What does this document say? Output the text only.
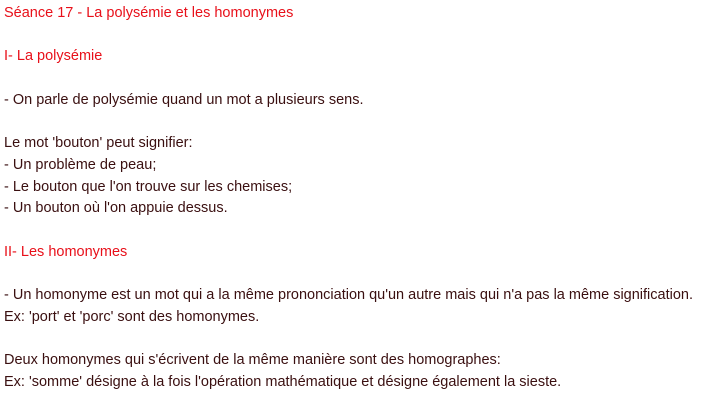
Séance 17 - La polysémie et les homonymes

I- La polysémie

- On parle de polysémie quand un mot a plusieurs sens.

Le mot 'bouton' peut signifier:

- Un problème de peau;

- Le bouton que l'on trouve sur les chemises;

- Un bouton où l'on appuie dessus.

II- Les homonymes

- Un homonyme est un mot qui a la même prononciation qu'un autre mais qui n'a pas la même signification.

Ex: 'port' et 'porc' sont des homonymes.

Deux homonymes qui s'écrivent de la même manière sont des homographes:

Ex: 'somme' désigne à la fois l'opération mathématique et désigne également la sieste.
